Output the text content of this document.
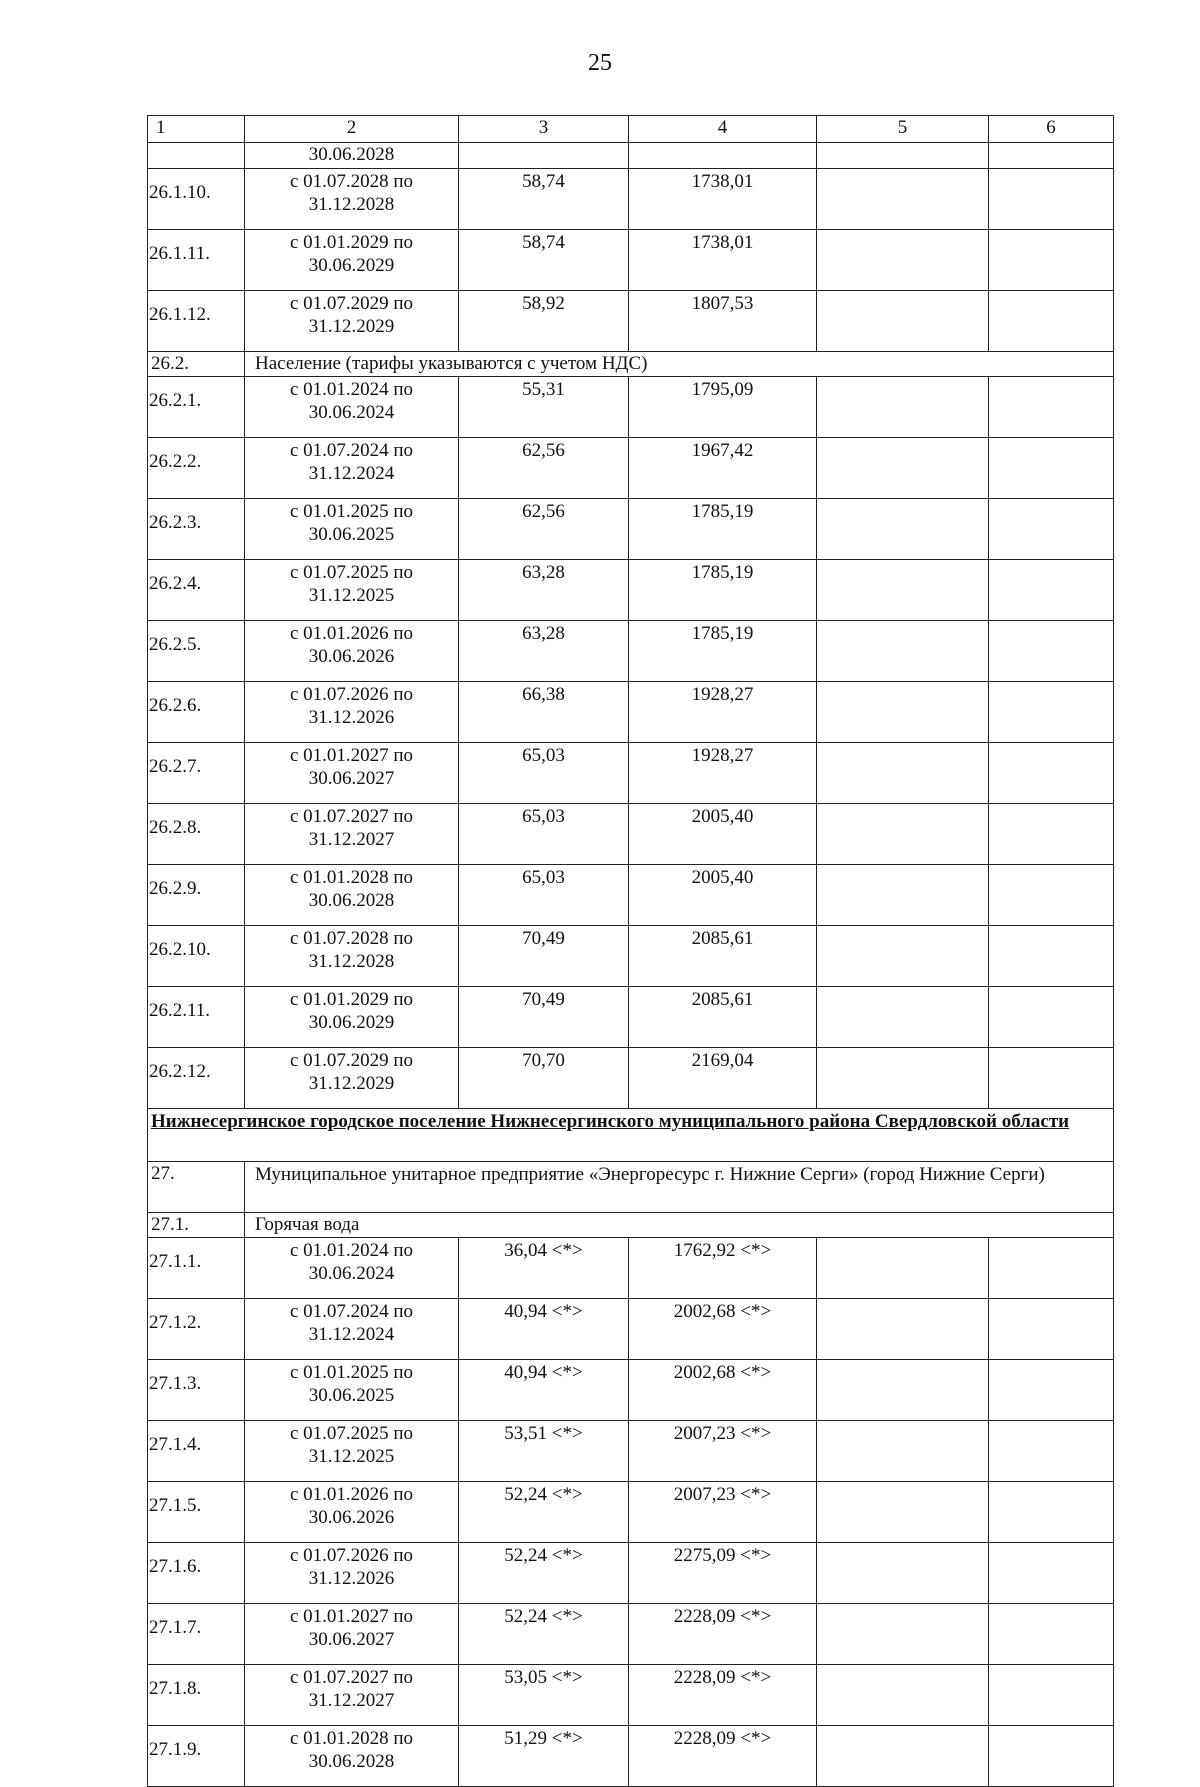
25
1	2	3	4	5	6
	30.06.2028				
26.1.10.	с 01.07.2028 по 31.12.2028	58,74	1738,01		
26.1.11.	с 01.01.2029 по 30.06.2029	58,74	1738,01		
26.1.12.	с 01.07.2029 по 31.12.2029	58,92	1807,53		
26.2.	Население (тарифы указываются с учетом НДС)				
26.2.1.	с 01.01.2024 по 30.06.2024	55,31	1795,09		
26.2.2.	с 01.07.2024 по 31.12.2024	62,56	1967,42		
26.2.3.	с 01.01.2025 по 30.06.2025	62,56	1785,19		
26.2.4.	с 01.07.2025 по 31.12.2025	63,28	1785,19		
26.2.5.	с 01.01.2026 по 30.06.2026	63,28	1785,19		
26.2.6.	с 01.07.2026 по 31.12.2026	66,38	1928,27		
26.2.7.	с 01.01.2027 по 30.06.2027	65,03	1928,27		
26.2.8.	с 01.07.2027 по 31.12.2027	65,03	2005,40		
26.2.9.	с 01.01.2028 по 30.06.2028	65,03	2005,40		
26.2.10.	с 01.07.2028 по 31.12.2028	70,49	2085,61		
26.2.11.	с 01.01.2029 по 30.06.2029	70,49	2085,61		
26.2.12.	с 01.07.2029 по 31.12.2029	70,70	2169,04		
Нижнесергинское городское поселение Нижнесергинского муниципального района Свердловской области					
27.	Муниципальное унитарное предприятие «Энергоресурс г. Нижние Серги» (город Нижние Серги)				
27.1.	Горячая вода				
27.1.1.	с 01.01.2024 по 30.06.2024	36,04 <*>	1762,92 <*>		
27.1.2.	с 01.07.2024 по 31.12.2024	40,94 <*>	2002,68 <*>		
27.1.3.	с 01.01.2025 по 30.06.2025	40,94 <*>	2002,68 <*>		
27.1.4.	с 01.07.2025 по 31.12.2025	53,51 <*>	2007,23 <*>		
27.1.5.	с 01.01.2026 по 30.06.2026	52,24 <*>	2007,23 <*>		
27.1.6.	с 01.07.2026 по 31.12.2026	52,24 <*>	2275,09 <*>		
27.1.7.	с 01.01.2027 по 30.06.2027	52,24 <*>	2228,09 <*>		
27.1.8.	с 01.07.2027 по 31.12.2027	53,05 <*>	2228,09 <*>		
27.1.9.	с 01.01.2028 по 30.06.2028	51,29 <*>	2228,09 <*>		
